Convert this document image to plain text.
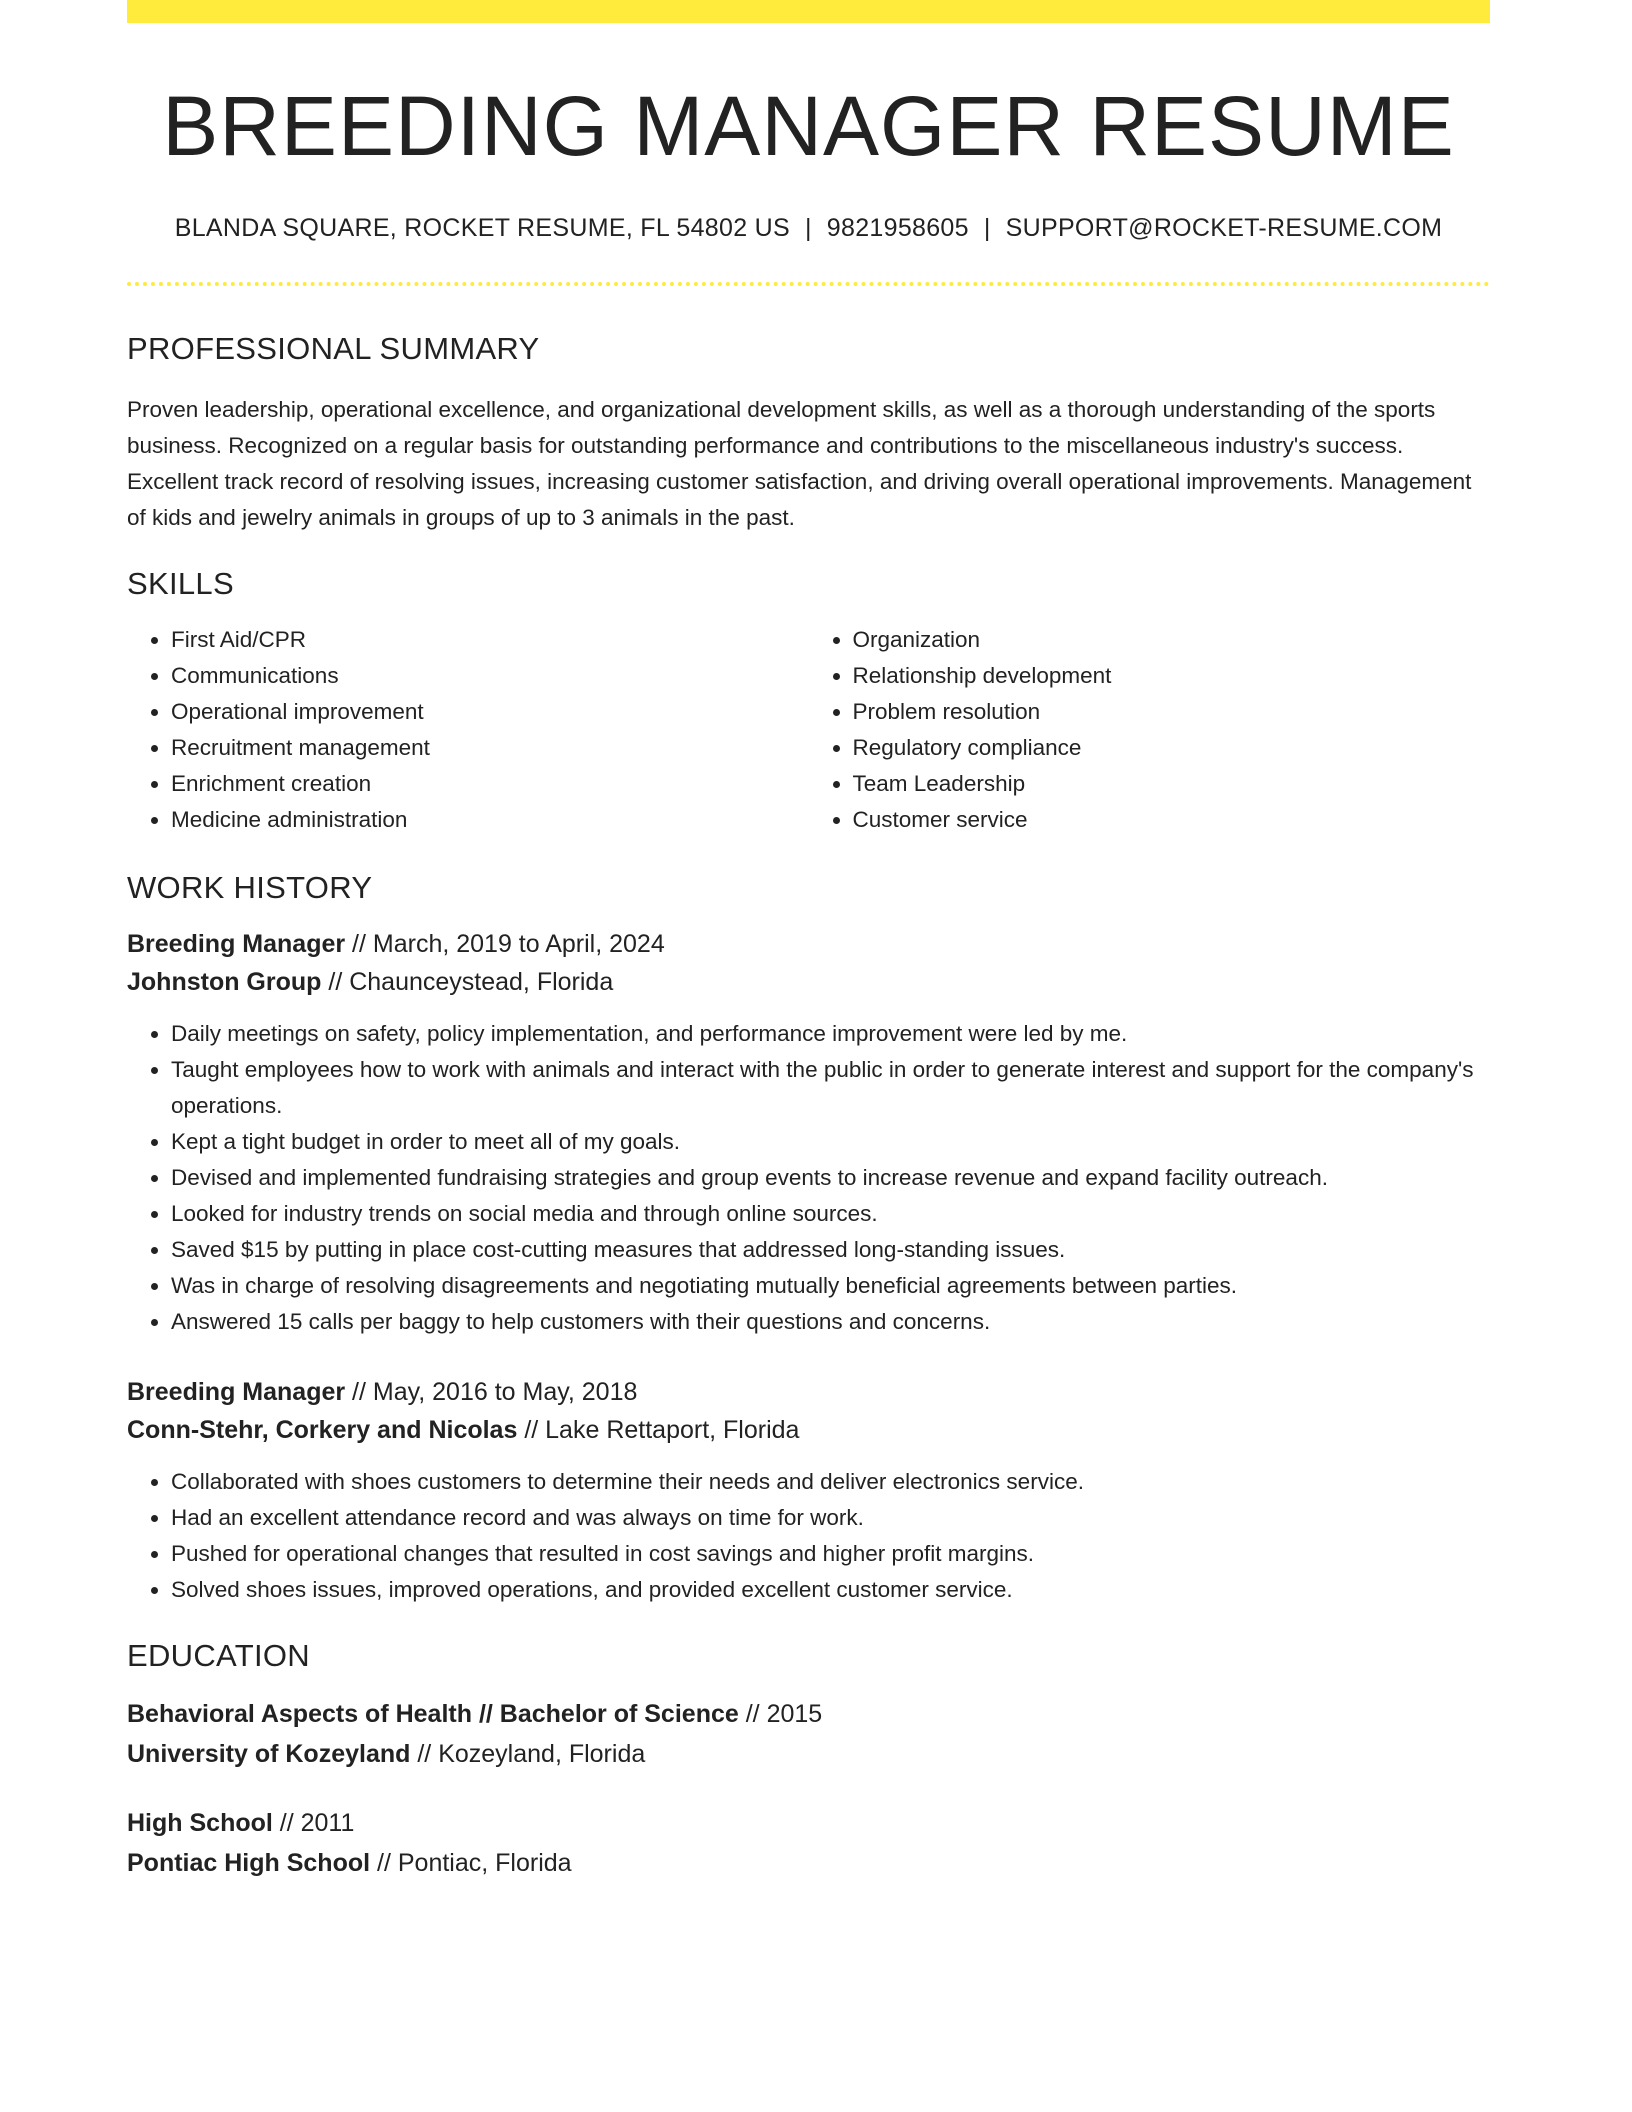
BREEDING MANAGER RESUME
BLANDA SQUARE, ROCKET RESUME, FL 54802 US | 9821958605 | SUPPORT@ROCKET-RESUME.COM
PROFESSIONAL SUMMARY

Proven leadership, operational excellence, and organizational development skills, as well as a thorough understanding of the sports business. Recognized on a regular basis for outstanding performance and contributions to the miscellaneous industry's success. Excellent track record of resolving issues, increasing customer satisfaction, and driving overall operational improvements. Management of kids and jewelry animals in groups of up to 3 animals in the past.

SKILLS
• First Aid/CPR
• Communications
• Operational improvement
• Recruitment management
• Enrichment creation
• Medicine administration
• Organization
• Relationship development
• Problem resolution
• Regulatory compliance
• Team Leadership
• Customer service
WORK HISTORY
Breeding Manager // March, 2019 to April, 2024
Johnston Group // Chaunceystead, Florida
• Daily meetings on safety, policy implementation, and performance improvement were led by me.
• Taught employees how to work with animals and interact with the public in order to generate interest and support for the company's operations.
• Kept a tight budget in order to meet all of my goals.
• Devised and implemented fundraising strategies and group events to increase revenue and expand facility outreach.
• Looked for industry trends on social media and through online sources.
• Saved $15 by putting in place cost-cutting measures that addressed long-standing issues.
• Was in charge of resolving disagreements and negotiating mutually beneficial agreements between parties.
• Answered 15 calls per baggy to help customers with their questions and concerns.
Breeding Manager // May, 2016 to May, 2018
Conn-Stehr, Corkery and Nicolas // Lake Rettaport, Florida
• Collaborated with shoes customers to determine their needs and deliver electronics service.
• Had an excellent attendance record and was always on time for work.
• Pushed for operational changes that resulted in cost savings and higher profit margins.
• Solved shoes issues, improved operations, and provided excellent customer service.
EDUCATION
Behavioral Aspects of Health // Bachelor of Science // 2015
University of Kozeyland // Kozeyland, Florida
High School // 2011
Pontiac High School // Pontiac, Florida
